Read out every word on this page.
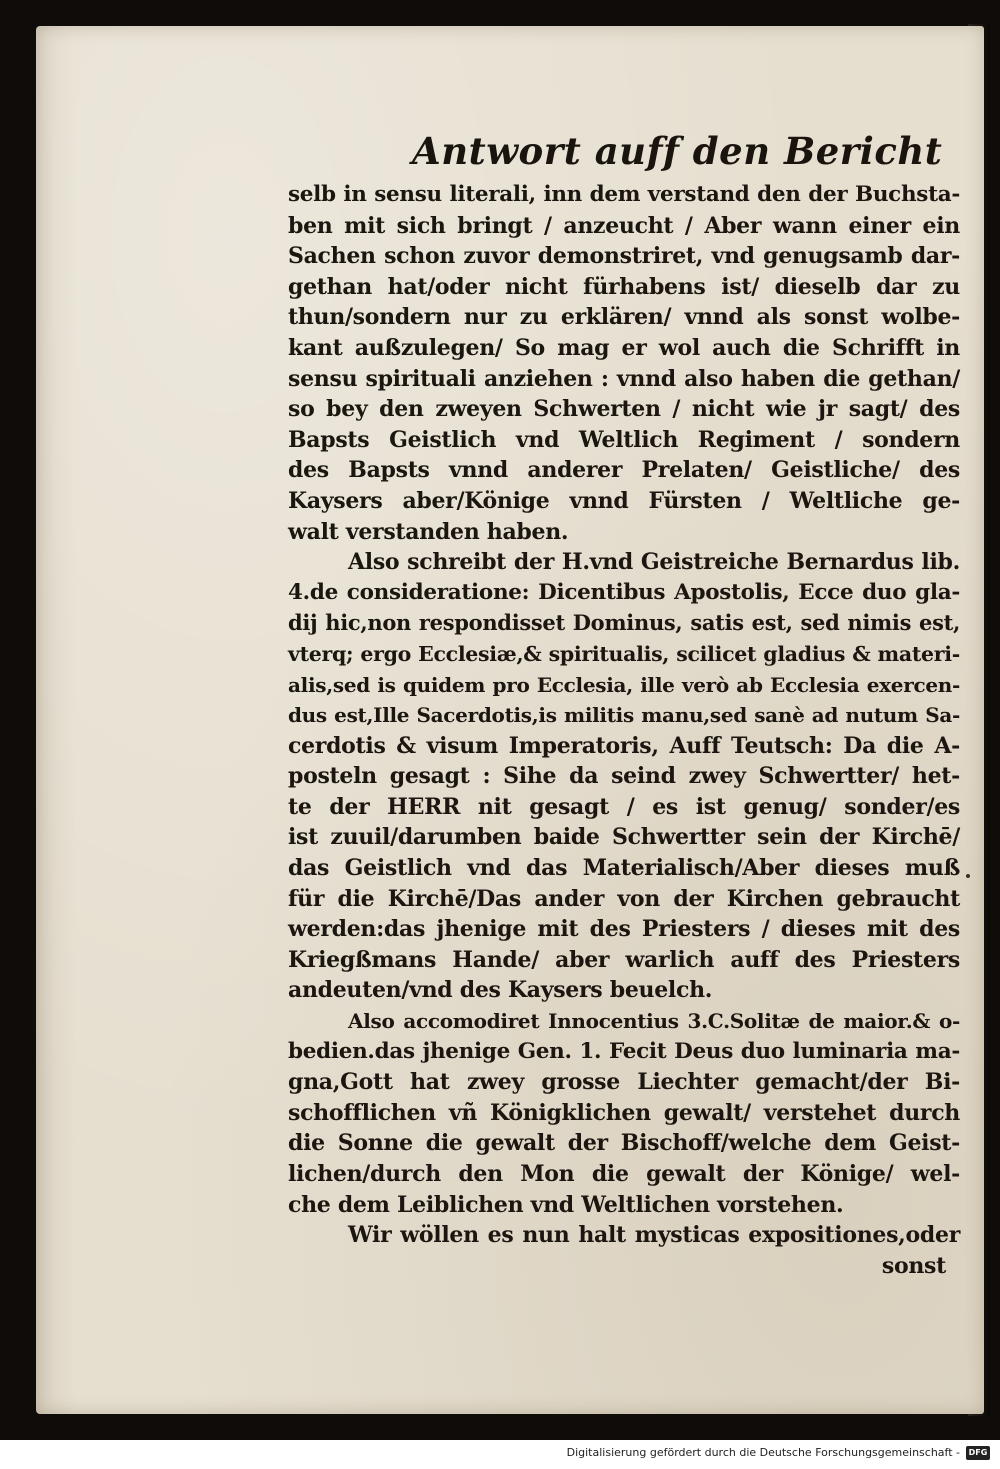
Antwort auff den Bericht
selb in sensu literali, inn dem verstand den der Buchsta-
ben mit sich bringt / anzeucht / Aber wann einer ein
Sachen schon zuvor demonstriret, vnd genugsamb dar-
gethan hat/oder nicht fürhabens ist/ dieselb dar zu
thun/sondern nur zu erklären/ vnnd als sonst wolbe-
kant außzulegen/ So mag er wol auch die Schrifft in
sensu spirituali anziehen : vnnd also haben die gethan/
so bey den zweyen Schwerten / nicht wie jr sagt/ des
Bapsts Geistlich vnd Weltlich Regiment / sondern
des Bapsts vnnd anderer Prelaten/ Geistliche/ des
Kaysers aber/Könige vnnd Fürsten / Weltliche ge-
walt verstanden haben.
Also schreibt der H.vnd Geistreiche Bernardus lib.
4.de consideratione: Dicentibus Apostolis, Ecce duo gla-
dij hic,non respondisset Dominus, satis est, sed nimis est,
vterq; ergo Ecclesiæ,& spiritualis, scilicet gladius & materi-
alis,sed is quidem pro Ecclesia, ille verò ab Ecclesia exercen-
dus est,Ille Sacerdotis,is militis manu,sed sanè ad nutum Sa-
cerdotis & visum Imperatoris, Auff Teutsch: Da die A-
posteln gesagt : Sihe da seind zwey Schwertter/ het-
te der HERR nit gesagt / es ist genug/ sonder/es
ist zuuil/darumben baide Schwertter sein der Kirchē/
das Geistlich vnd das Materialisch/Aber dieses muß
für die Kirchē/Das ander von der Kirchen gebraucht
werden:das jhenige mit des Priesters / dieses mit des
Kriegßmans Hande/ aber warlich auff des Priesters
andeuten/vnd des Kaysers beuelch.
Also accomodiret Innocentius 3.C.Solitæ de maior.& o-
bedien.das jhenige Gen. 1. Fecit Deus duo luminaria ma-
gna,Gott hat zwey grosse Liechter gemacht/der Bi-
schofflichen vñ Königklichen gewalt/ verstehet durch
die Sonne die gewalt der Bischoff/welche dem Geist-
lichen/durch den Mon die gewalt der Könige/ wel-
che dem Leiblichen vnd Weltlichen vorstehen.
Wir wöllen es nun halt mysticas expositiones,oder
sonst
Digitalisierung gefördert durch die Deutsche Forschungsgemeinschaft -	DFG
